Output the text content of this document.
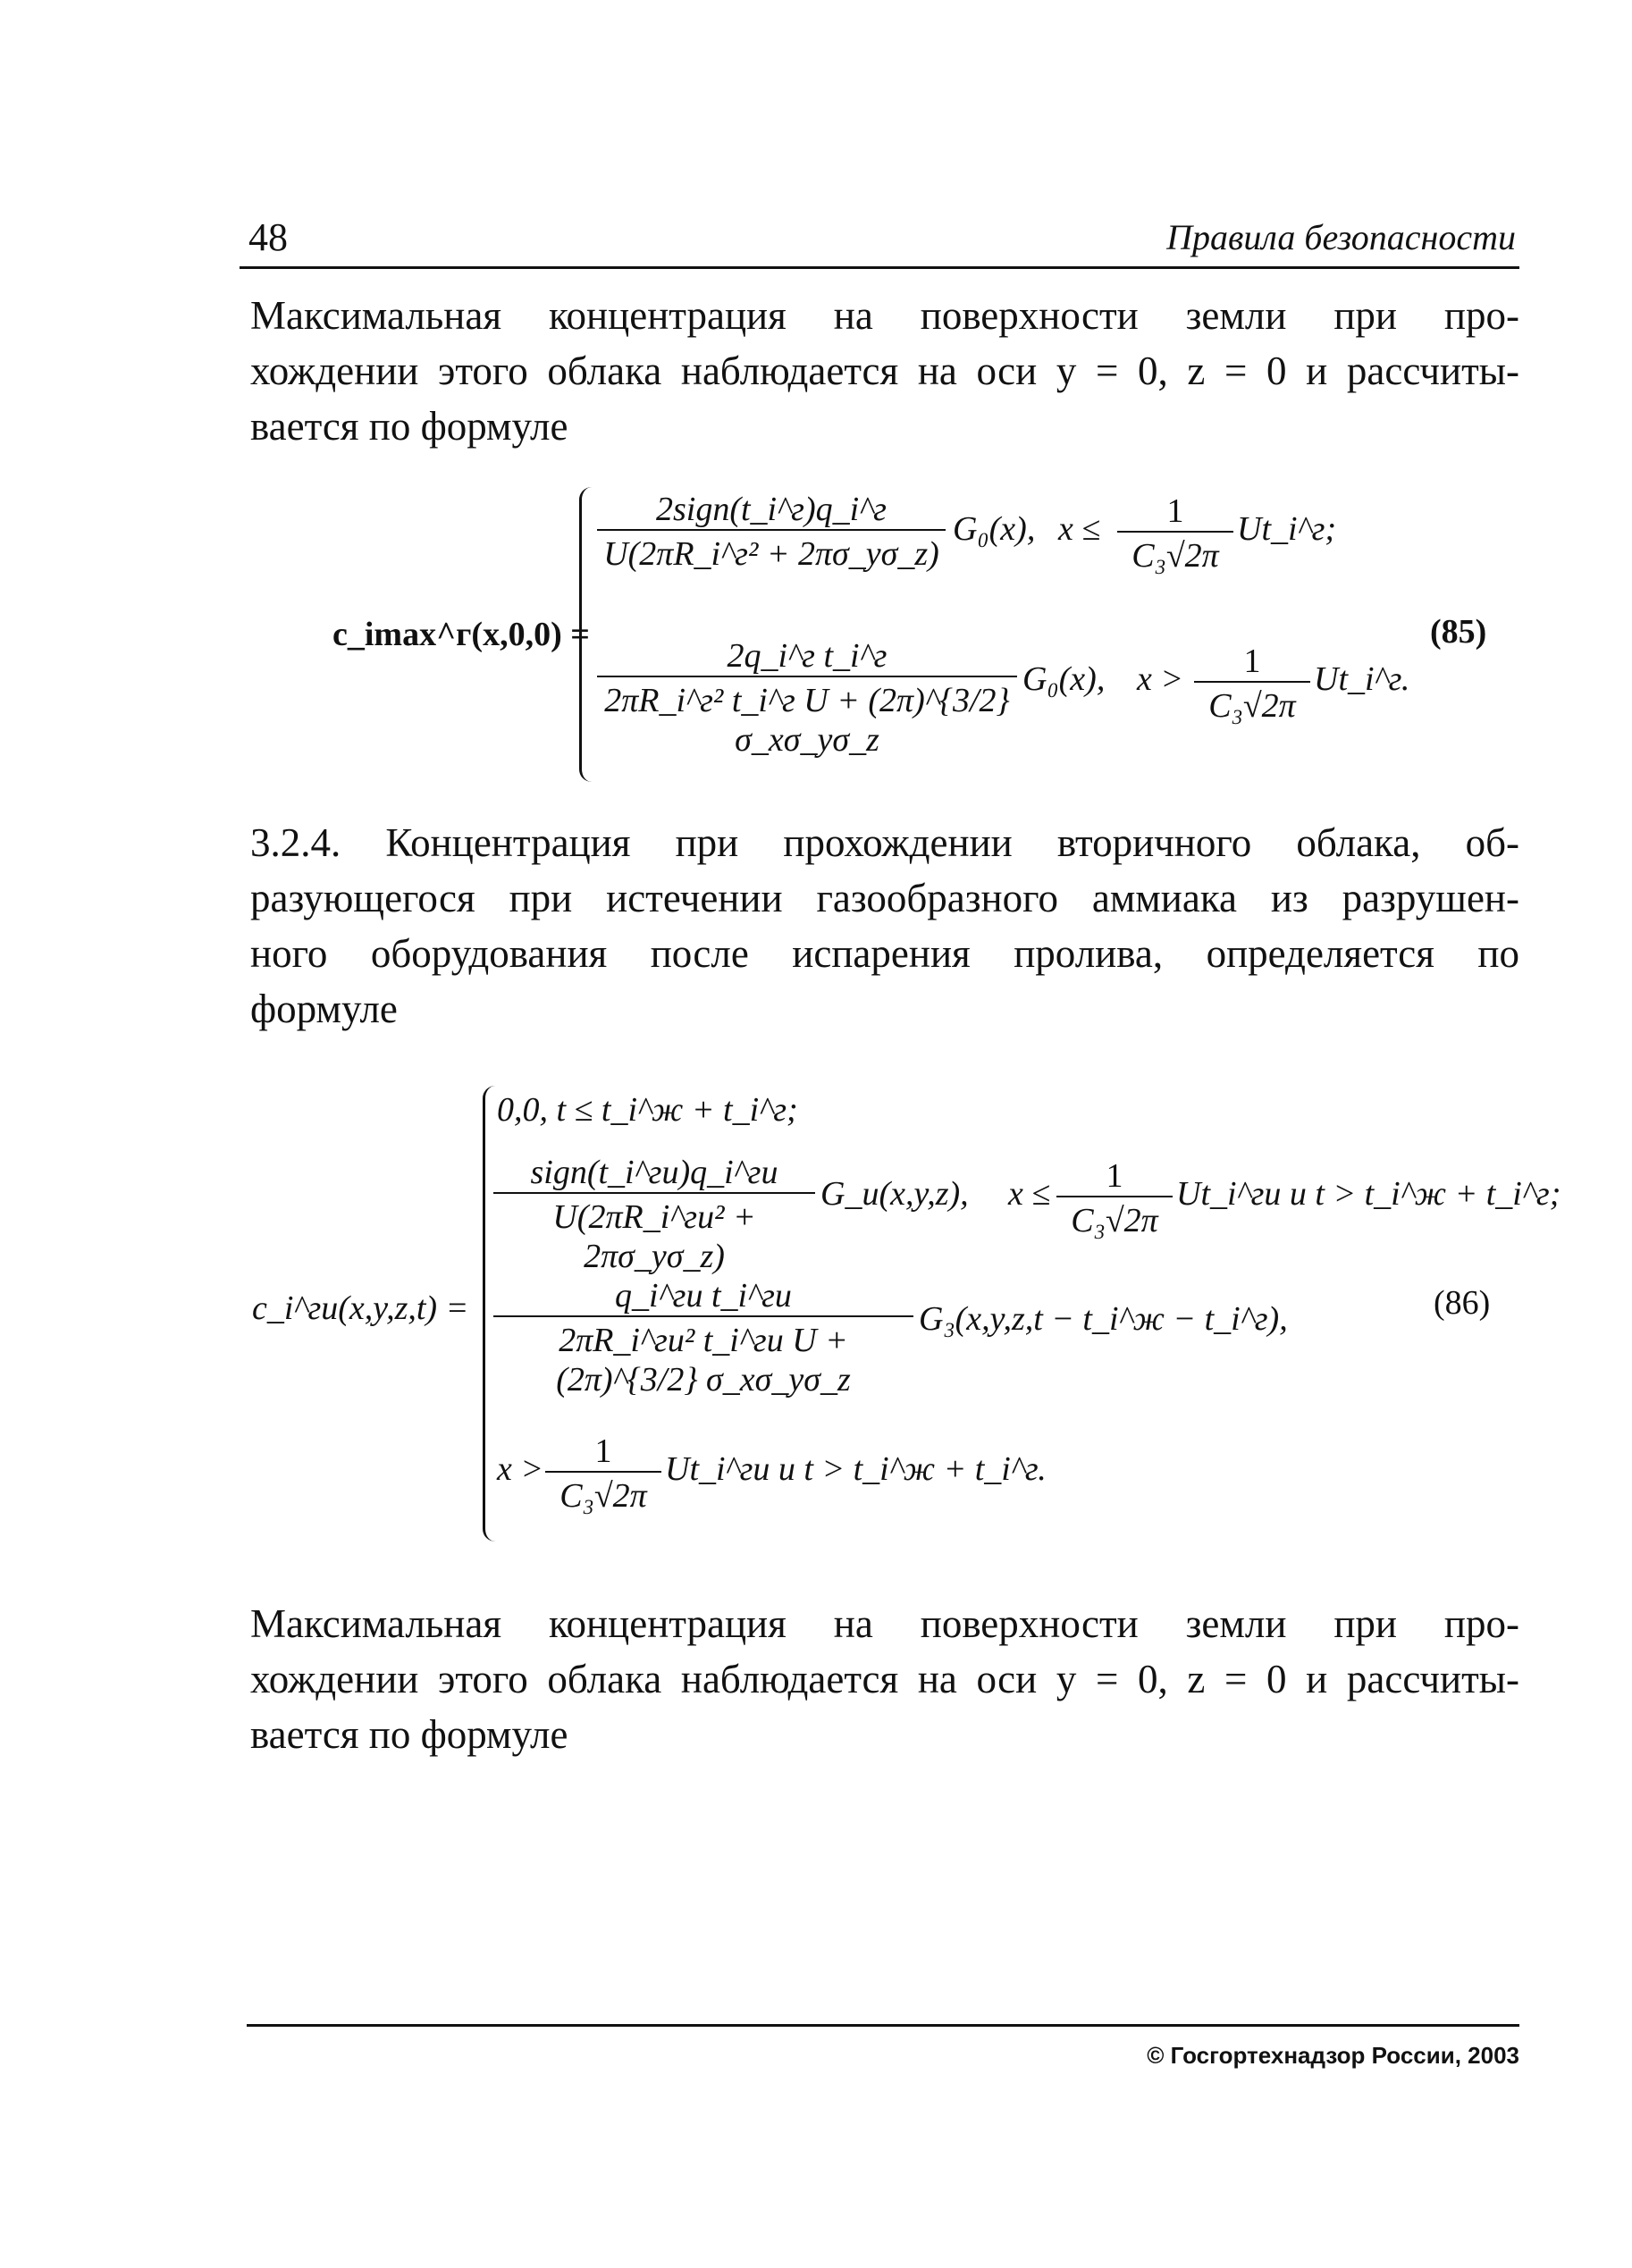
48	Правила безопасности
Максимальная концентрация на поверхности земли при про-
хождении этого облака наблюдается на оси y = 0, z = 0 и рассчиты-
вается по формуле
c_imax^г(x,0,0) =
2sign(t_i^г)q_i^г
U(2πR_i^г² + 2πσ_yσ_z)
G₀(x), $x \le \frac{1}{\text{C₃√2π}}$ Ut_i^г;
2q_i^г t_i^г
2πR_i^г² t_i^г U + (2π)^{3/2} σ_xσ_yσ_z
G₀(x), $x > \frac{1}{\text{C₃√2π}}$ Ut_i^г.
(85)
3.2.4. Концентрация при прохождении вторичного облака, об-
разующегося при истечении газообразного аммиака из разрушен-
ного оборудования после испарения пролива, определяется по
формуле
c_i^ги(x,y,z,t) =
0,0, t ≤ t_i^ж + t_i^г;
sign(t_i^ги)q_i^ги
U(2πR_i^ги² + 2πσ_yσ_z)
G_и(x,y,z), $x \le \frac{1}{\text{C₃√2π}}$ Ut_i^ги и t > t_i^ж + t_i^г;
q_i^ги t_i^ги
2πR_i^ги² t_i^ги U + (2π)^{3/2} σ_xσ_yσ_z
G₃(x,y,z,t − t_i^ж − t_i^г),	(86)
$x > \frac{1}{\text{C₃√2π}}$ Ut_i^ги и t > t_i^ж + t_i^г.
Максимальная концентрация на поверхности земли при про-
хождении этого облака наблюдается на оси y = 0, z = 0 и рассчиты-
вается по формуле
© Госгортехнадзор России, 2003
